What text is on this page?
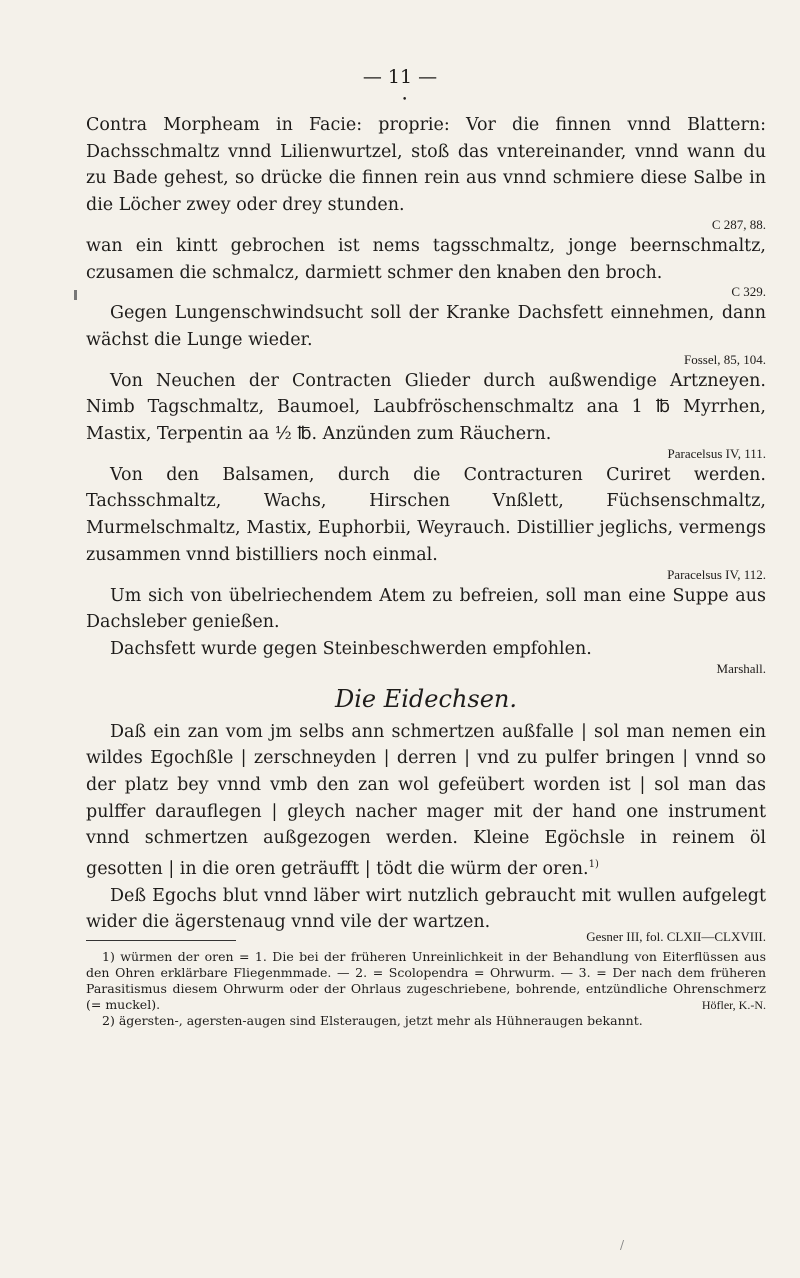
— 11 —
•

Contra Morpheam in Facie: proprie: Vor die finnen vnnd Blattern: Dachsschmaltz vnnd Lilienwurtzel, stoß das vntereinander, vnnd wann du zu Bade gehest, so drücke die finnen rein aus vnnd schmiere diese Salbe in die Löcher zwey oder drey stunden.

C 287, 88.

wan ein kintt gebrochen ist nems tagsschmaltz, jonge beernschmaltz, czusamen die schmalcz, darmiett schmer den knaben den broch.

C 329.

Gegen Lungenschwindsucht soll der Kranke Dachsfett einnehmen, dann wächst die Lunge wieder.

Fossel, 85, 104.

Von Neuchen der Contracten Glieder durch außwendige Artzneyen. Nimb Tagschmaltz, Baumoel, Laubfröschenschmaltz ana 1 ℔ Myrrhen, Mastix, Terpentin aa ½ ℔. Anzünden zum Räuchern.

Paracelsus IV, 111.

Von den Balsamen, durch die Contracturen Curiret werden. Tachsschmaltz, Wachs, Hirschen Vnßlett, Füchsenschmaltz, Murmelschmaltz, Mastix, Euphorbii, Weyrauch. Distillier jeglichs, vermengs zusammen vnnd bistilliers noch einmal.

Paracelsus IV, 112.

Um sich von übelriechendem Atem zu befreien, soll man eine Suppe aus Dachsleber genießen.

Dachsfett wurde gegen Steinbeschwerden empfohlen.

Marshall.
Die Eidechsen.

Daß ein zan vom jm selbs ann schmertzen außfalle | sol man nemen ein wildes Egochßle | zerschneyden | derren | vnd zu pulfer bringen | vnnd so der platz bey vnnd vmb den zan wol gefeübert worden ist | sol man das pulffer darauflegen | gleych nacher mager mit der hand one instrument vnnd schmertzen außgezogen werden. Kleine Egöchsle in reinem öl gesotten | in die oren geträufft | tödt die würm der oren.$^{1)}$

Deß Egochs blut vnnd läber wirt nutzlich gebraucht mit wullen aufgelegt wider die ägerstenaug vnnd vile der wartzen.

Gesner III, fol. CLXII—CLXVIII.
1) würmen der oren = 1. Die bei der früheren Unreinlichkeit in der Behandlung von Eiterflüssen aus den Ohren erklärbare Fliegenmmade. — 2. = Scolopendra = Ohrwurm. — 3. = Der nach dem früheren Parasitismus diesem Ohrwurm oder der Ohrlaus zugeschriebene, bohrende, entzündliche Ohrenschmerz (= muckel).	Höfler, K.-N.
2) ägersten-, agersten-augen sind Elsteraugen, jetzt mehr als Hühneraugen bekannt.
/
